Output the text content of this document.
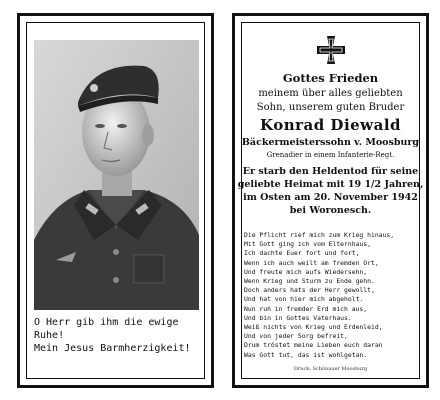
O Herr gib ihm die ewige
Ruhe!
Mein Jesus Barmherzigkeit!
Gottes Frieden
meinem über alles geliebten
Sohn, unserem guten Bruder
Konrad Diewald
Bäckermeisterssohn v. Moosburg
Grenadier in einem Infanterie-Regt.
Er starb den Heldentod für seine
geliebte Heimat mit 19 1/2 Jahren,
im Osten am 20. November 1942
bei Woronesch.
Die Pflicht rief mich zum Krieg hinaus,
Mit Gott ging ich vom Elternhaus,
Ich dachte Euer fort und fort,
Wenn ich auch weilt am fremden Ort,
Und freute mich aufs Wiedersehn,
Wenn Krieg und Sturm zu Ende gehn.
Doch anders hats der Herr gewollt,
Und hat von hier mich abgeholt.
Nun ruh in fremder Erd mich aus,
Und bin in Gottes Vaterhaus.
Weiß nichts von Krieg und Erdenleid,
Und von jeder Sorg befreit,
Drum tröstet meine Lieben euch daran
Was Gott tut, das ist wohlgetan.
Druck: Schönauer Moosburg
